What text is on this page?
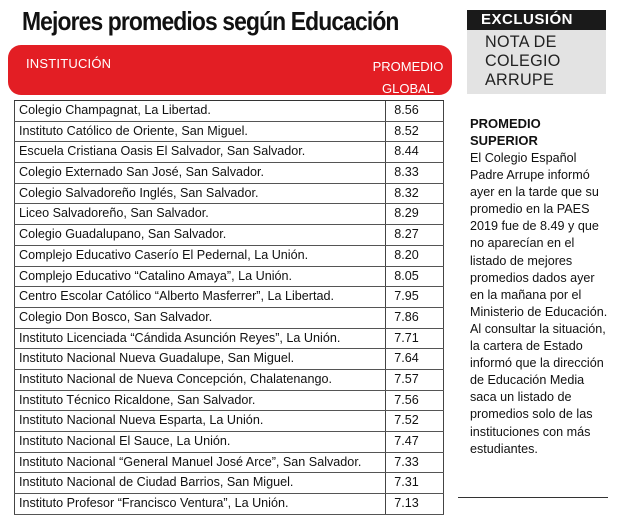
Mejores promedios según Educación
INSTITUCIÓN	PROMEDIO
GLOBAL
Colegio Champagnat, La Libertad.	8.56
Instituto Católico de Oriente, San Miguel.	8.52
Escuela Cristiana Oasis El Salvador, San Salvador.	8.44
Colegio Externado San José, San Salvador.	8.33
Colegio Salvadoreño Inglés, San Salvador.	8.32
Liceo Salvadoreño, San Salvador.	8.29
Colegio Guadalupano, San Salvador.	8.27
Complejo Educativo Caserío El Pedernal, La Unión.	8.20
Complejo Educativo “Catalino Amaya”, La Unión.	8.05
Centro Escolar Católico “Alberto Masferrer”, La Libertad.	7.95
Colegio Don Bosco, San Salvador.	7.86
Instituto Licenciada “Cándida Asunción Reyes”, La Unión.	7.71
Instituto Nacional Nueva Guadalupe, San Miguel.	7.64
Instituto Nacional de Nueva Concepción, Chalatenango.	7.57
Instituto Técnico Ricaldone, San Salvador.	7.56
Instituto Nacional Nueva Esparta, La Unión.	7.52
Instituto Nacional El Sauce, La Unión.	7.47
Instituto Nacional “General Manuel José Arce”, San Salvador.	7.33
Instituto Nacional de Ciudad Barrios, San Miguel.	7.31
Instituto Profesor “Francisco Ventura”, La Unión.	7.13
EXCLUSIÓN
NOTA DE
COLEGIO
ARRUPE
PROMEDIO
SUPERIOR

El Colegio Español Padre Arrupe informó ayer en la tarde que su promedio en la PAES 2019 fue de 8.49 y que no aparecían en el listado de mejores promedios dados ayer en la mañana por el Ministerio de Educación.

Al consultar la situación, la cartera de Estado informó que la dirección de Educación Media saca un listado de promedios solo de las instituciones con más estudiantes.
